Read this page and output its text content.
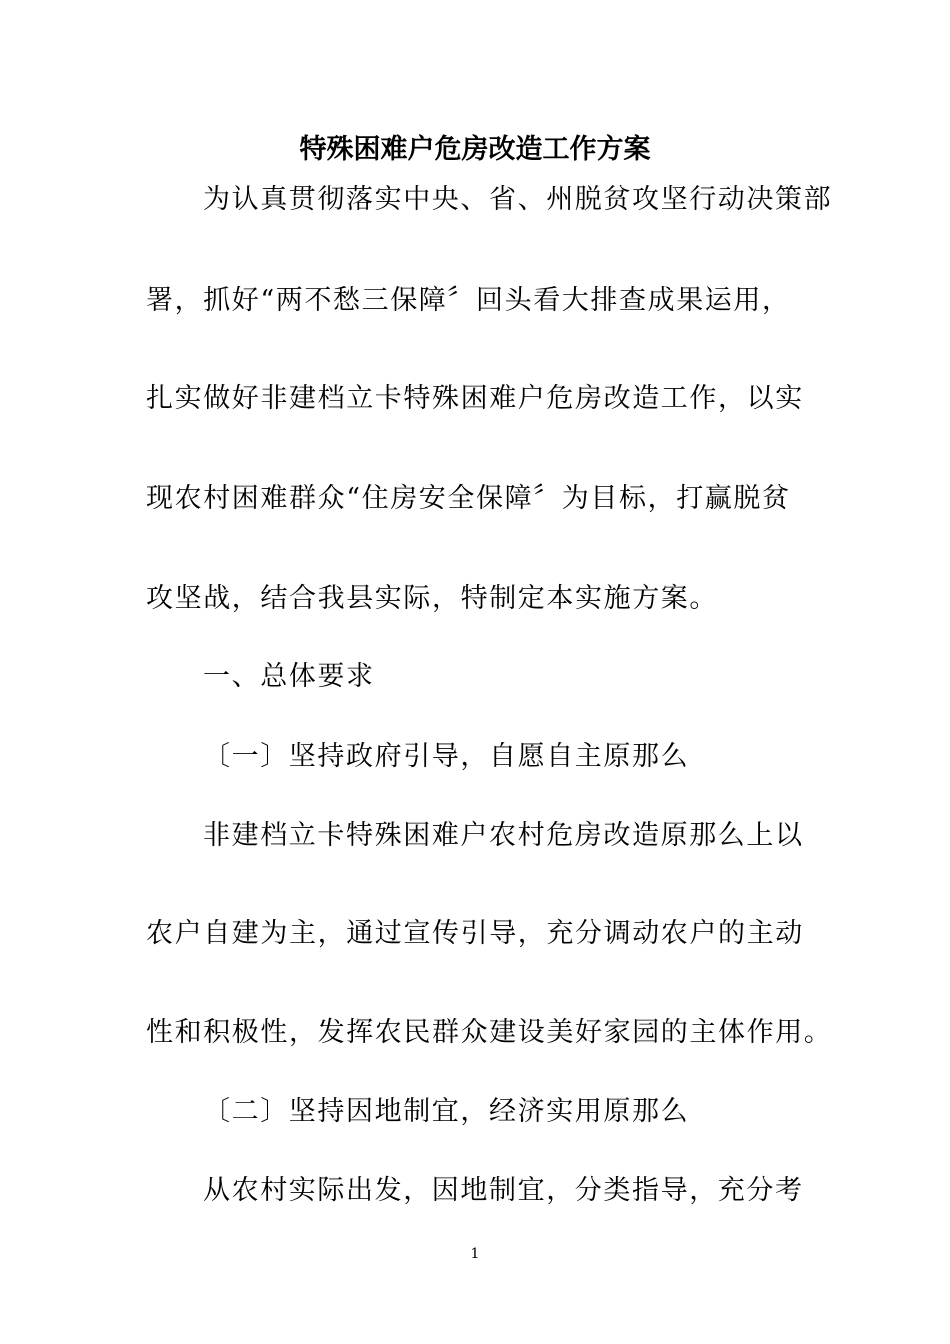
特殊困难户危房改造工作方案
为认真贯彻落实中央、省、州脱贫攻坚行动决策部
署，抓好“两不愁三保障〞回头看大排查成果运用，
扎实做好非建档立卡特殊困难户危房改造工作，以实
现农村困难群众“住房安全保障〞为目标，打赢脱贫
攻坚战，结合我县实际，特制定本实施方案。
一、总体要求
〔一〕坚持政府引导，自愿自主原那么
非建档立卡特殊困难户农村危房改造原那么上以
农户自建为主，通过宣传引导，充分调动农户的主动
性和积极性，发挥农民群众建设美好家园的主体作用。
〔二〕坚持因地制宜，经济实用原那么
从农村实际出发，因地制宜，分类指导，充分考
1
